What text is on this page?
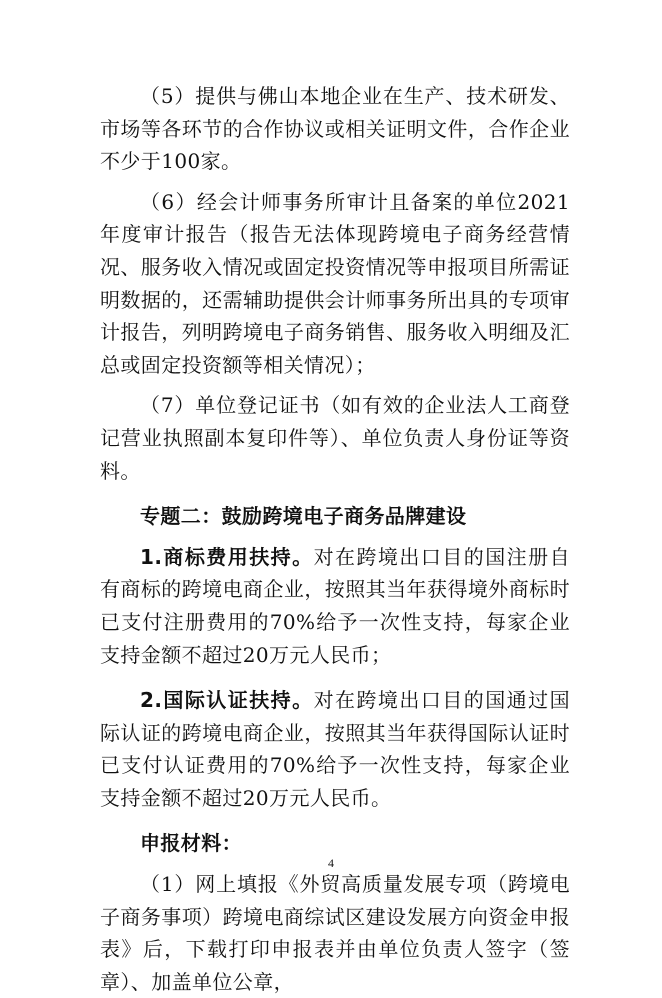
（5）提供与佛山本地企业在生产、技术研发、市场等各环节的合作协议或相关证明文件，合作企业不少于100家。

（6）经会计师事务所审计且备案的单位2021年度审计报告（报告无法体现跨境电子商务经营情况、服务收入情况或固定投资情况等申报项目所需证明数据的，还需辅助提供会计师事务所出具的专项审计报告，列明跨境电子商务销售、服务收入明细及汇总或固定投资额等相关情况）；

（7）单位登记证书（如有效的企业法人工商登记营业执照副本复印件等）、单位负责人身份证等资料。

专题二：鼓励跨境电子商务品牌建设

1.商标费用扶持。对在跨境出口目的国注册自有商标的跨境电商企业，按照其当年获得境外商标时已支付注册费用的70%给予一次性支持，每家企业支持金额不超过20万元人民币；

2.国际认证扶持。对在跨境出口目的国通过国际认证的跨境电商企业，按照其当年获得国际认证时已支付认证费用的70%给予一次性支持，每家企业支持金额不超过20万元人民币。

申报材料：

（1）网上填报《外贸高质量发展专项（跨境电子商务事项）跨境电商综试区建设发展方向资金申报表》后，下载打印申报表并由单位负责人签字（签章）、加盖单位公章，

4
